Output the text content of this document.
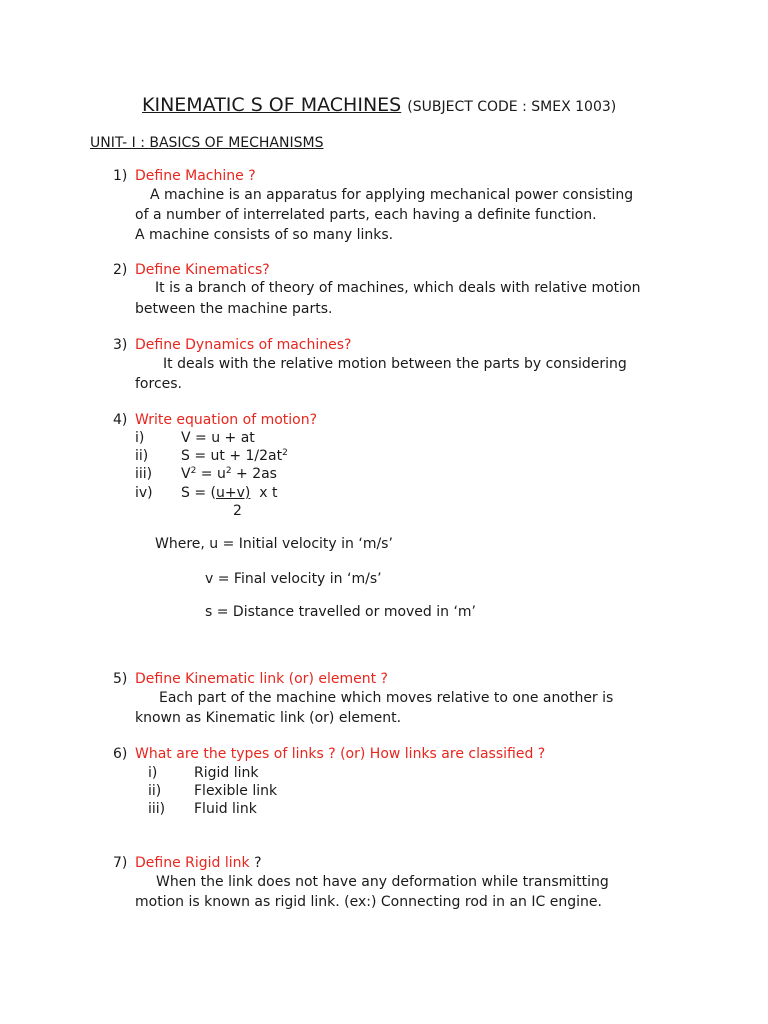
KINEMATIC S OF MACHINES (SUBJECT CODE : SMEX 1003)
UNIT- I : BASICS OF MECHANISMS
1) Define Machine ?
A machine is an apparatus for applying mechanical power consisting
of a number of interrelated parts, each having a definite function.
A machine consists of so many links.
2) Define Kinematics?
It is a branch of theory of machines, which deals with relative motion
between the machine parts.
3) Define Dynamics of machines?
It deals with the relative motion between the parts by considering
forces.
4) Write equation of motion?
i)	V = u + at
ii) S = ut + $1/2at^2$
iii) $V^2 = u^2 + 2as$
iv) S = (u+v)  x t
2
Where, u = Initial velocity in ‘m/s’
v = Final velocity in ‘m/s’
s = Distance travelled or moved in ‘m’
5) Define Kinematic link (or) element ?
Each part of the machine which moves relative to one another is
known as Kinematic link (or) element.
6) What are the types of links ? (or) How links are classified ?
i)	Rigid link
ii) Flexible link
iii) Fluid link
7) Define Rigid link ?
When the link does not have any deformation while transmitting
motion is known as rigid link. (ex:) Connecting rod in an IC engine.
